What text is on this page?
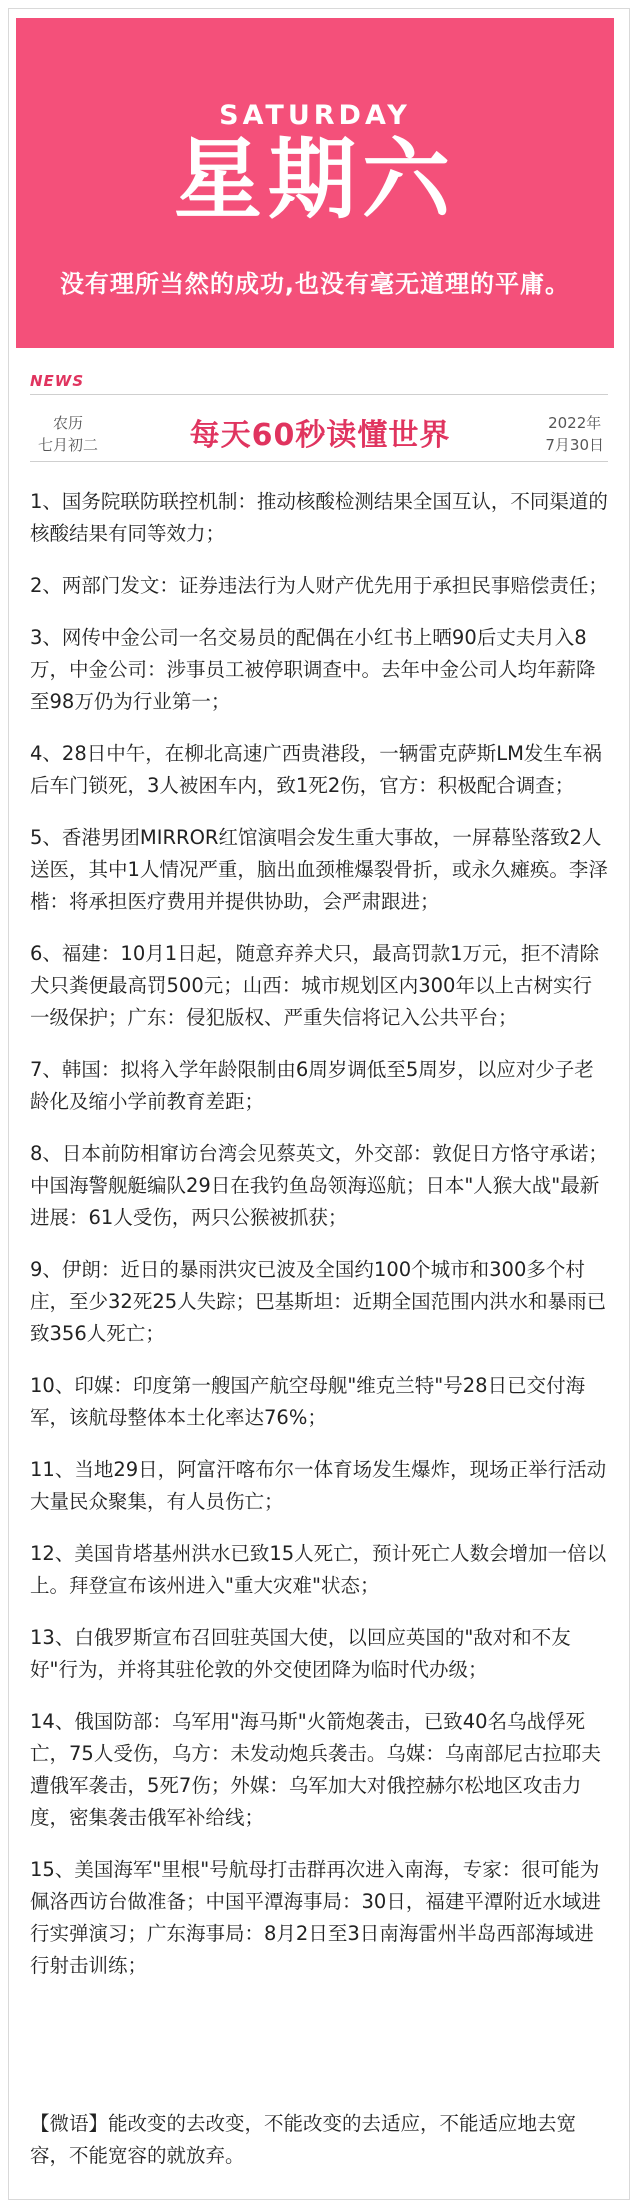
SATURDAY
星期六
没有理所当然的成功,也没有毫无道理的平庸。
NEWS
农历
七月初二	每天60秒读懂世界	2022年
7月30日
1、国务院联防联控机制：推动核酸检测结果全国互认，不同渠道的核酸结果有同等效力；
2、两部门发文：证券违法行为人财产优先用于承担民事赔偿责任；
3、网传中金公司一名交易员的配偶在小红书上晒90后丈夫月入8万，中金公司：涉事员工被停职调查中。去年中金公司人均年薪降至98万仍为行业第一；
4、28日中午，在柳北高速广西贵港段，一辆雷克萨斯LM发生车祸后车门锁死，3人被困车内，致1死2伤，官方：积极配合调查；
5、香港男团MIRROR红馆演唱会发生重大事故，一屏幕坠落致2人送医，其中1人情况严重，脑出血颈椎爆裂骨折，或永久瘫痪。李泽楷：将承担医疗费用并提供协助，会严肃跟进；
6、福建：10月1日起，随意弃养犬只，最高罚款1万元，拒不清除犬只粪便最高罚500元；山西：城市规划区内300年以上古树实行一级保护；广东：侵犯版权、严重失信将记入公共平台；
7、韩国：拟将入学年龄限制由6周岁调低至5周岁，以应对少子老龄化及缩小学前教育差距；
8、日本前防相窜访台湾会见蔡英文，外交部：敦促日方恪守承诺；中国海警舰艇编队29日在我钓鱼岛领海巡航；日本"人猴大战"最新进展：61人受伤，两只公猴被抓获；
9、伊朗：近日的暴雨洪灾已波及全国约100个城市和300多个村庄，至少32死25人失踪；巴基斯坦：近期全国范围内洪水和暴雨已致356人死亡；
10、印媒：印度第一艘国产航空母舰"维克兰特"号28日已交付海军，该航母整体本土化率达76%；
11、当地29日，阿富汗喀布尔一体育场发生爆炸，现场正举行活动大量民众聚集，有人员伤亡；
12、美国肯塔基州洪水已致15人死亡，预计死亡人数会增加一倍以上。拜登宣布该州进入"重大灾难"状态；
13、白俄罗斯宣布召回驻英国大使，以回应英国的"敌对和不友好"行为，并将其驻伦敦的外交使团降为临时代办级；
14、俄国防部：乌军用"海马斯"火箭炮袭击，已致40名乌战俘死亡，75人受伤，乌方：未发动炮兵袭击。乌媒：乌南部尼古拉耶夫遭俄军袭击，5死7伤；外媒：乌军加大对俄控赫尔松地区攻击力度，密集袭击俄军补给线；
15、美国海军"里根"号航母打击群再次进入南海，专家：很可能为佩洛西访台做准备；中国平潭海事局：30日，福建平潭附近水域进行实弹演习；广东海事局：8月2日至3日南海雷州半岛西部海域进行射击训练；
【微语】能改变的去改变，不能改变的去适应，不能适应地去宽容，不能宽容的就放弃。
